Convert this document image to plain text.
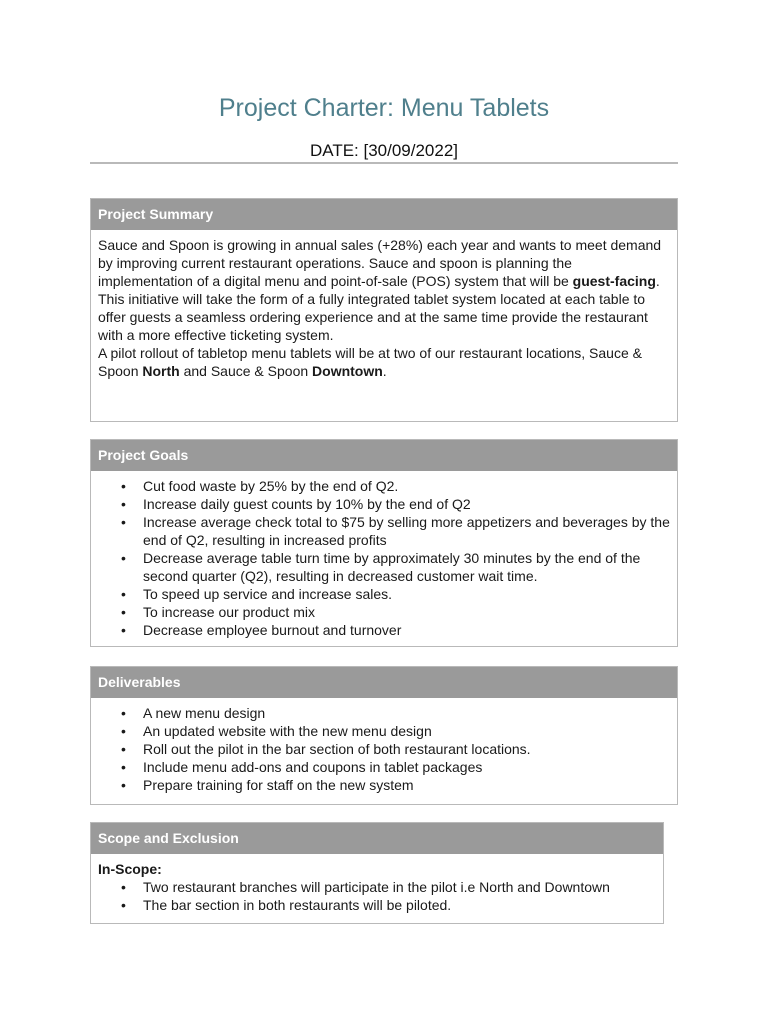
Project Charter: Menu Tablets
DATE: [30/09/2022]
Project Summary

Sauce and Spoon is growing in annual sales (+28%) each year and wants to meet demand by improving current restaurant operations. Sauce and spoon is planning the implementation of a digital menu and point-of-sale (POS) system that will be guest-facing.

This initiative will take the form of a fully integrated tablet system located at each table to offer guests a seamless ordering experience and at the same time provide the restaurant with a more effective ticketing system.

A pilot rollout of tabletop menu tablets will be at two of our restaurant locations, Sauce & Spoon North and Sauce & Spoon Downtown.

Project Goals
• Cut food waste by 25% by the end of Q2.
• Increase daily guest counts by 10% by the end of Q2
• Increase average check total to $75 by selling more appetizers and beverages by the end of Q2, resulting in increased profits
• Decrease average table turn time by approximately 30 minutes by the end of the second quarter (Q2), resulting in decreased customer wait time.
• To speed up service and increase sales.
• To increase our product mix
• Decrease employee burnout and turnover
Deliverables
• A new menu design
• An updated website with the new menu design
• Roll out the pilot in the bar section of both restaurant locations.
• Include menu add-ons and coupons in tablet packages
• Prepare training for staff on the new system
Scope and Exclusion

In-Scope:

• Two restaurant branches will participate in the pilot i.e North and Downtown
• The bar section in both restaurants will be piloted.
